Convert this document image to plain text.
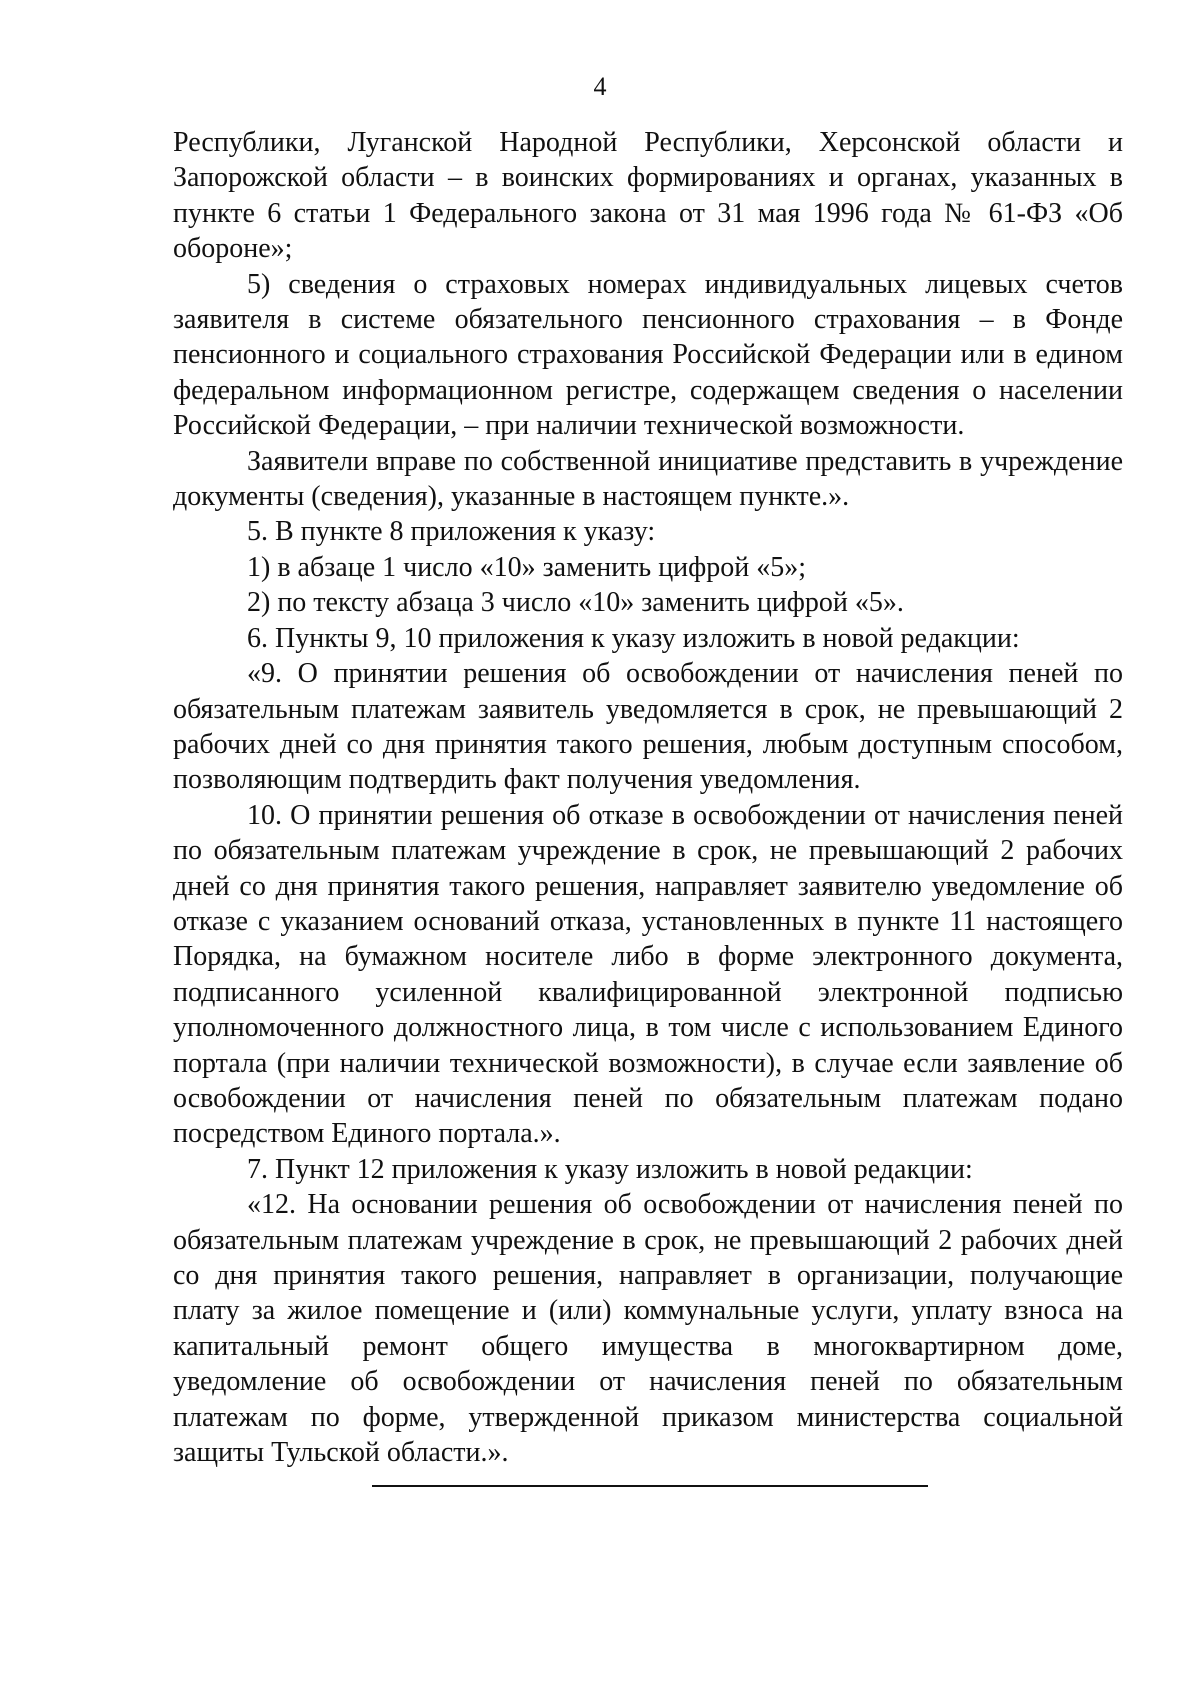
4

Республики, Луганской Народной Республики, Херсонской области и Запорожской области – в воинских формированиях и органах, указанных в пункте 6 статьи 1 Федерального закона от 31 мая 1996 года № 61-ФЗ «Об обороне»;

5) сведения о страховых номерах индивидуальных лицевых счетов заявителя в системе обязательного пенсионного страхования – в Фонде пенсионного и социального страхования Российской Федерации или в едином федеральном информационном регистре, содержащем сведения о населении Российской Федерации, – при наличии технической возможности.

Заявители вправе по собственной инициативе представить в учреждение документы (сведения), указанные в настоящем пункте.».

5. В пункте 8 приложения к указу:

1) в абзаце 1 число «10» заменить цифрой «5»;

2) по тексту абзаца 3 число «10» заменить цифрой «5».

6. Пункты 9, 10 приложения к указу изложить в новой редакции:

«9. О принятии решения об освобождении от начисления пеней по обязательным платежам заявитель уведомляется в срок, не превышающий 2 рабочих дней со дня принятия такого решения, любым доступным способом, позволяющим подтвердить факт получения уведомления.

10. О принятии решения об отказе в освобождении от начисления пеней по обязательным платежам учреждение в срок, не превышающий 2 рабочих дней со дня принятия такого решения, направляет заявителю уведомление об отказе с указанием оснований отказа, установленных в пункте 11 настоящего Порядка, на бумажном носителе либо в форме электронного документа, подписанного усиленной квалифицированной электронной подписью уполномоченного должностного лица, в том числе с использованием Единого портала (при наличии технической возможности), в случае если заявление об освобождении от начисления пеней по обязательным платежам подано посредством Единого портала.».

7. Пункт 12 приложения к указу изложить в новой редакции:

«12. На основании решения об освобождении от начисления пеней по обязательным платежам учреждение в срок, не превышающий 2 рабочих дней со дня принятия такого решения, направляет в организации, получающие плату за жилое помещение и (или) коммунальные услуги, уплату взноса на капитальный ремонт общего имущества в многоквартирном доме, уведомление об освобождении от начисления пеней по обязательным платежам по форме, утвержденной приказом министерства социальной защиты Тульской области.».
